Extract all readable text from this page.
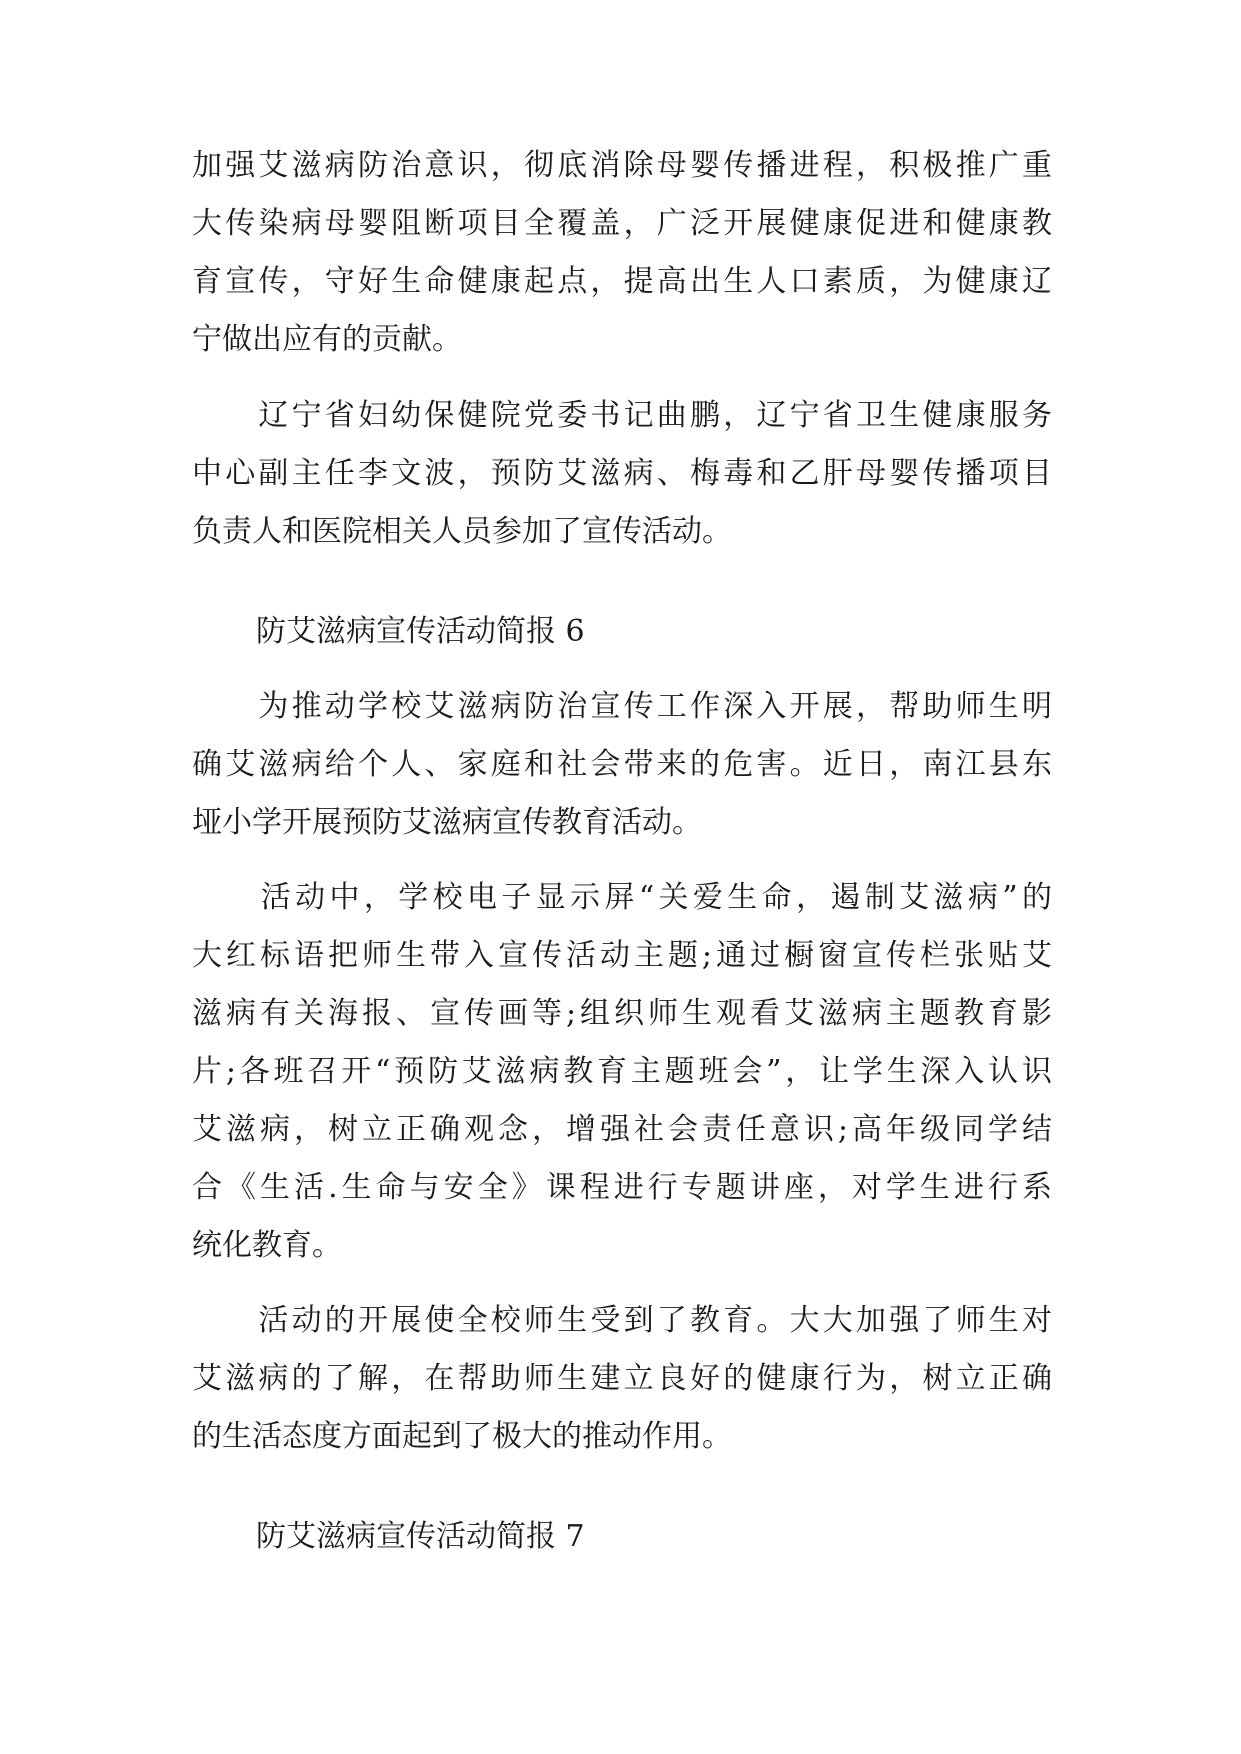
加强艾滋病防治意识，彻底消除母婴传播进程，积极推广重
大传染病母婴阻断项目全覆盖，广泛开展健康促进和健康教
育宣传，守好生命健康起点，提高出生人口素质，为健康辽
宁做出应有的贡献。
　　辽宁省妇幼保健院党委书记曲鹏，辽宁省卫生健康服务
中心副主任李文波，预防艾滋病、梅毒和乙肝母婴传播项目
负责人和医院相关人员参加了宣传活动。
防艾滋病宣传活动简报 6
　　为推动学校艾滋病防治宣传工作深入开展，帮助师生明
确艾滋病给个人、家庭和社会带来的危害。近日，南江县东
垭小学开展预防艾滋病宣传教育活动。
　　活动中，学校电子显示屏“关爱生命，遏制艾滋病”的
大红标语把师生带入宣传活动主题;通过橱窗宣传栏张贴艾
滋病有关海报、宣传画等;组织师生观看艾滋病主题教育影
片;各班召开“预防艾滋病教育主题班会”，让学生深入认识
艾滋病，树立正确观念，增强社会责任意识;高年级同学结
合《生活.生命与安全》课程进行专题讲座，对学生进行系
统化教育。
　　活动的开展使全校师生受到了教育。大大加强了师生对
艾滋病的了解，在帮助师生建立良好的健康行为，树立正确
的生活态度方面起到了极大的推动作用。
防艾滋病宣传活动简报 7
